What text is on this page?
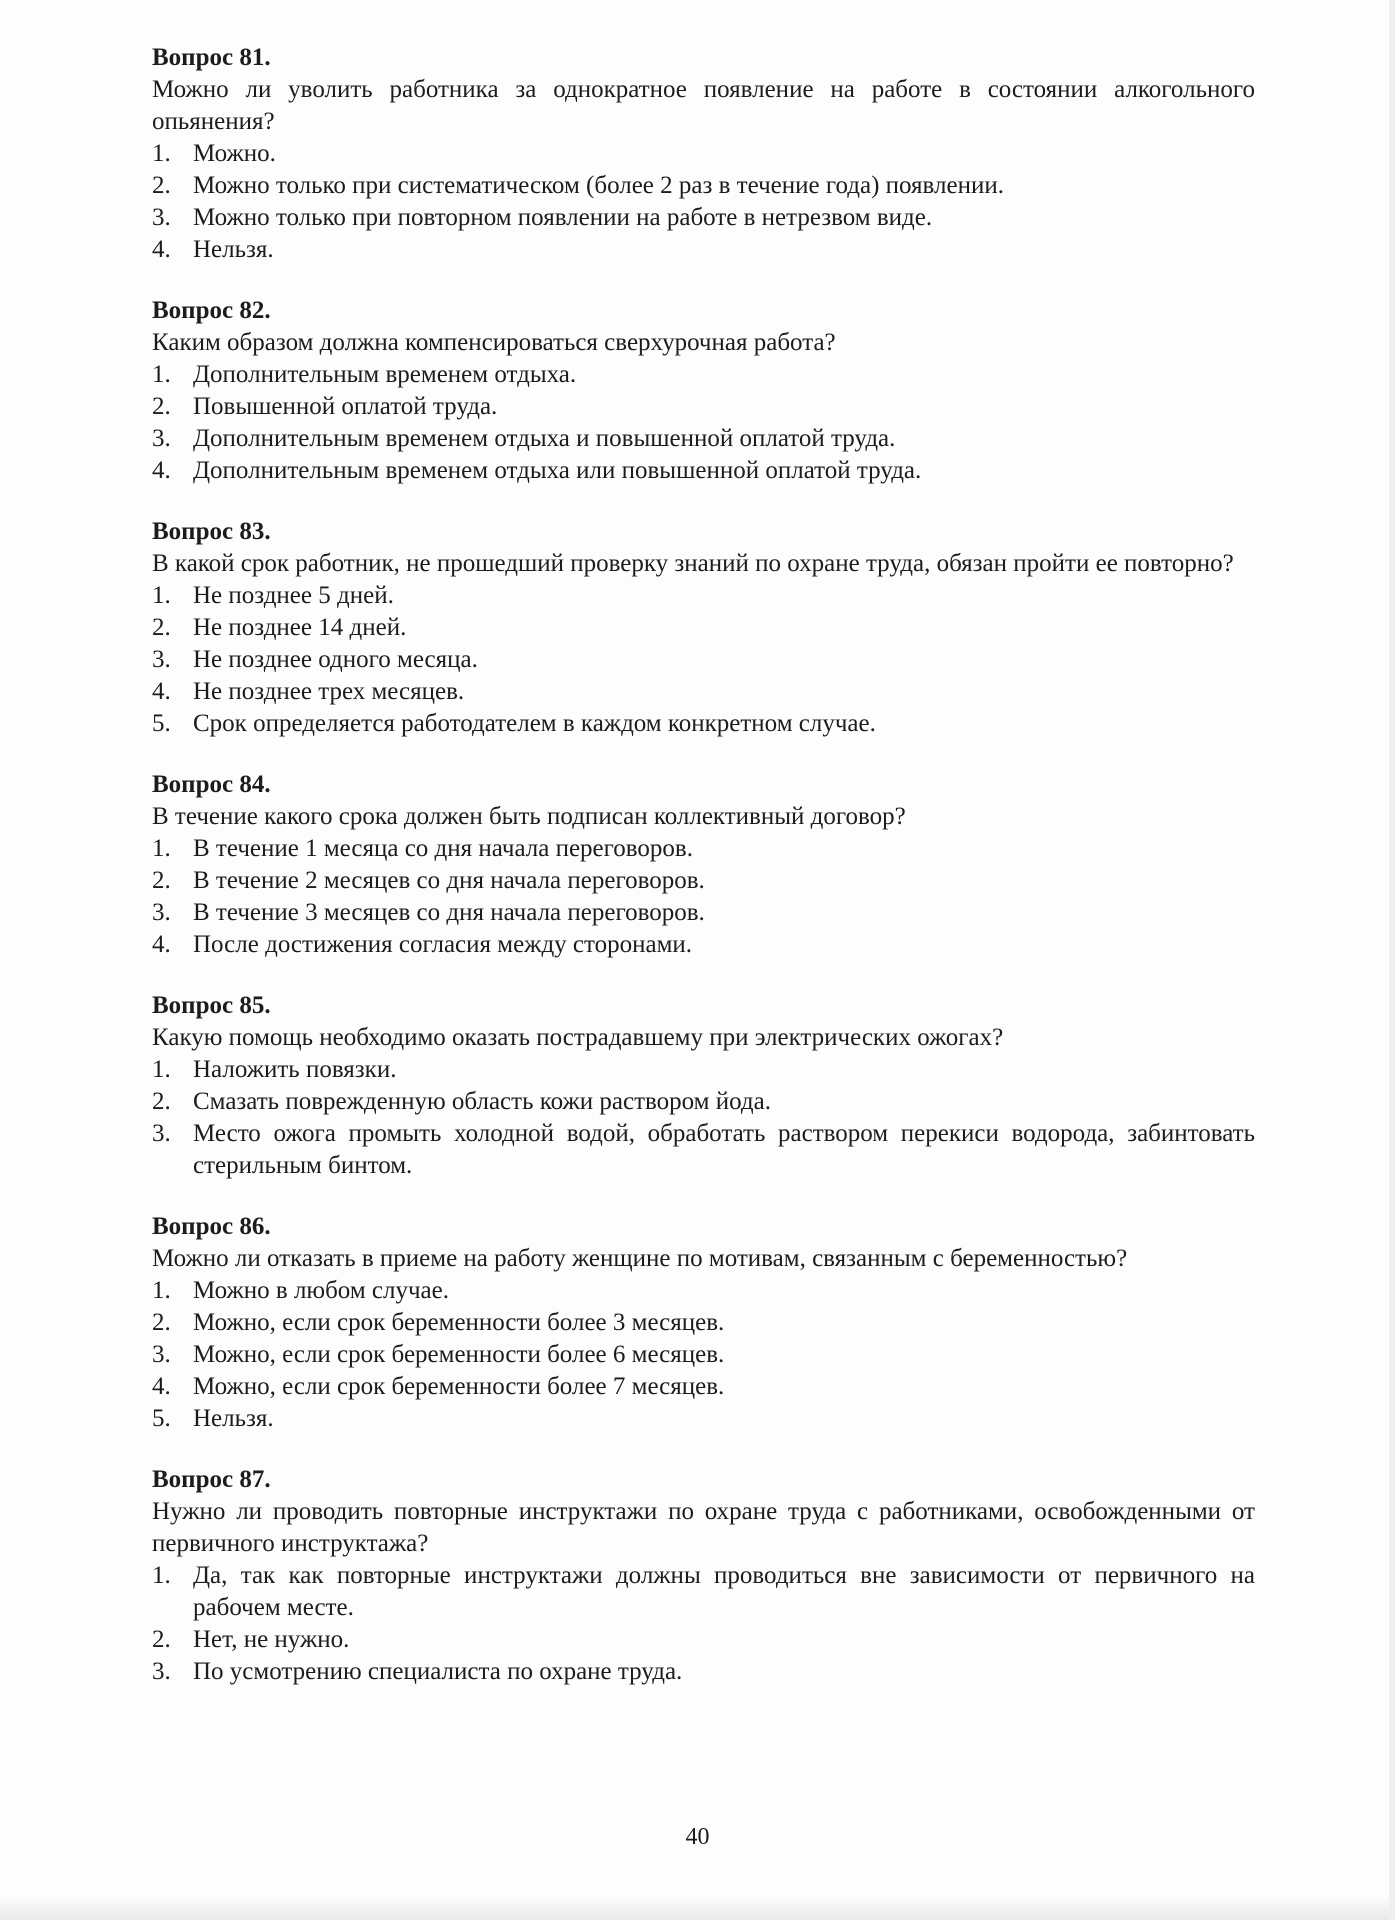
Вопрос 81.

Можно ли уволить работника за однократное появление на работе в состоянии алкогольного опьянения?

1. Можно.
2. Можно только при систематическом (более 2 раз в течение года) появлении.
3. Можно только при повторном появлении на работе в нетрезвом виде.
4. Нельзя.

Вопрос 82.

Каким образом должна компенсироваться сверхурочная работа?

1. Дополнительным временем отдыха.
2. Повышенной оплатой труда.
3. Дополнительным временем отдыха и повышенной оплатой труда.
4. Дополнительным временем отдыха или повышенной оплатой труда.

Вопрос 83.

В какой срок работник, не прошедший проверку знаний по охране труда, обязан пройти ее повторно?

1. Не позднее 5 дней.
2. Не позднее 14 дней.
3. Не позднее одного месяца.
4. Не позднее трех месяцев.
5. Срок определяется работодателем в каждом конкретном случае.

Вопрос 84.

В течение какого срока должен быть подписан коллективный договор?

1. В течение 1 месяца со дня начала переговоров.
2. В течение 2 месяцев со дня начала переговоров.
3. В течение 3 месяцев со дня начала переговоров.
4. После достижения согласия между сторонами.

Вопрос 85.

Какую помощь необходимо оказать пострадавшему при электрических ожогах?

1. Наложить повязки.
2. Смазать поврежденную область кожи раствором йода.
3. Место ожога промыть холодной водой, обработать раствором перекиси водорода, забинтовать стерильным бинтом.

Вопрос 86.

Можно ли отказать в приеме на работу женщине по мотивам, связанным с беременностью?

1. Можно в любом случае.
2. Можно, если срок беременности более 3 месяцев.
3. Можно, если срок беременности более 6 месяцев.
4. Можно, если срок беременности более 7 месяцев.
5. Нельзя.

Вопрос 87.

Нужно ли проводить повторные инструктажи по охране труда с работниками, освобожденными от первичного инструктажа?

1. Да, так как повторные инструктажи должны проводиться вне зависимости от первичного на рабочем месте.
2. Нет, не нужно.
3. По усмотрению специалиста по охране труда.
40
